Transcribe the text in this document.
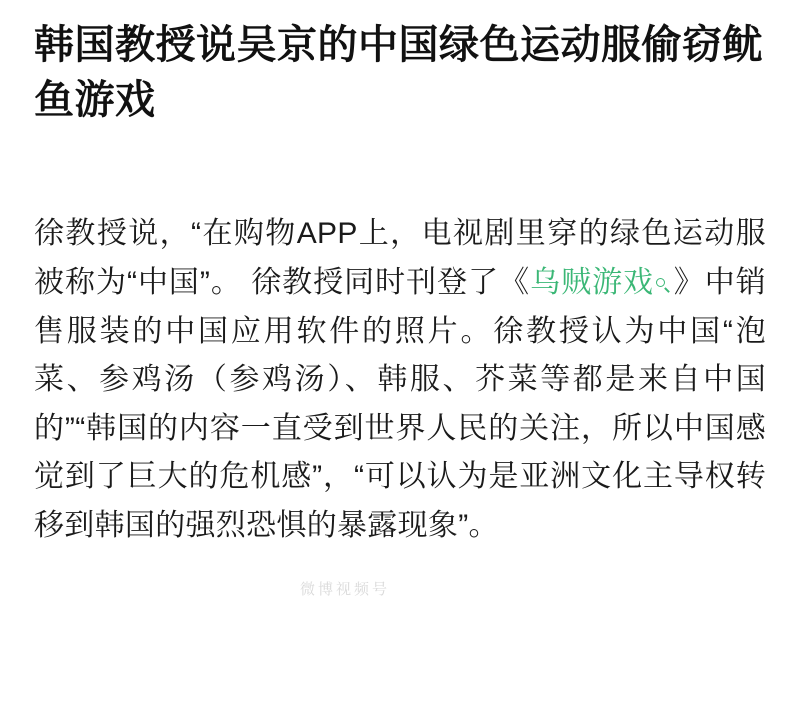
韩国教授说吴京的中国绿色运动服偷窃鱿鱼游戏
徐教授说，“在购物APP上，电视剧里穿的绿色运动服被称为“中国”。 徐教授同时刊登了《乌贼游戏 》中销售服装的中国应用软件的照片。徐教授认为中国“泡菜、参鸡汤（参鸡汤）、韩服、芥菜等都是来自中国的”“韩国的内容一直受到世界人民的关注，所以中国感觉到了巨大的危机感”，“可以认为是亚洲文化主导权转移到韩国的强烈恐惧的暴露现象”。
微博视频号
